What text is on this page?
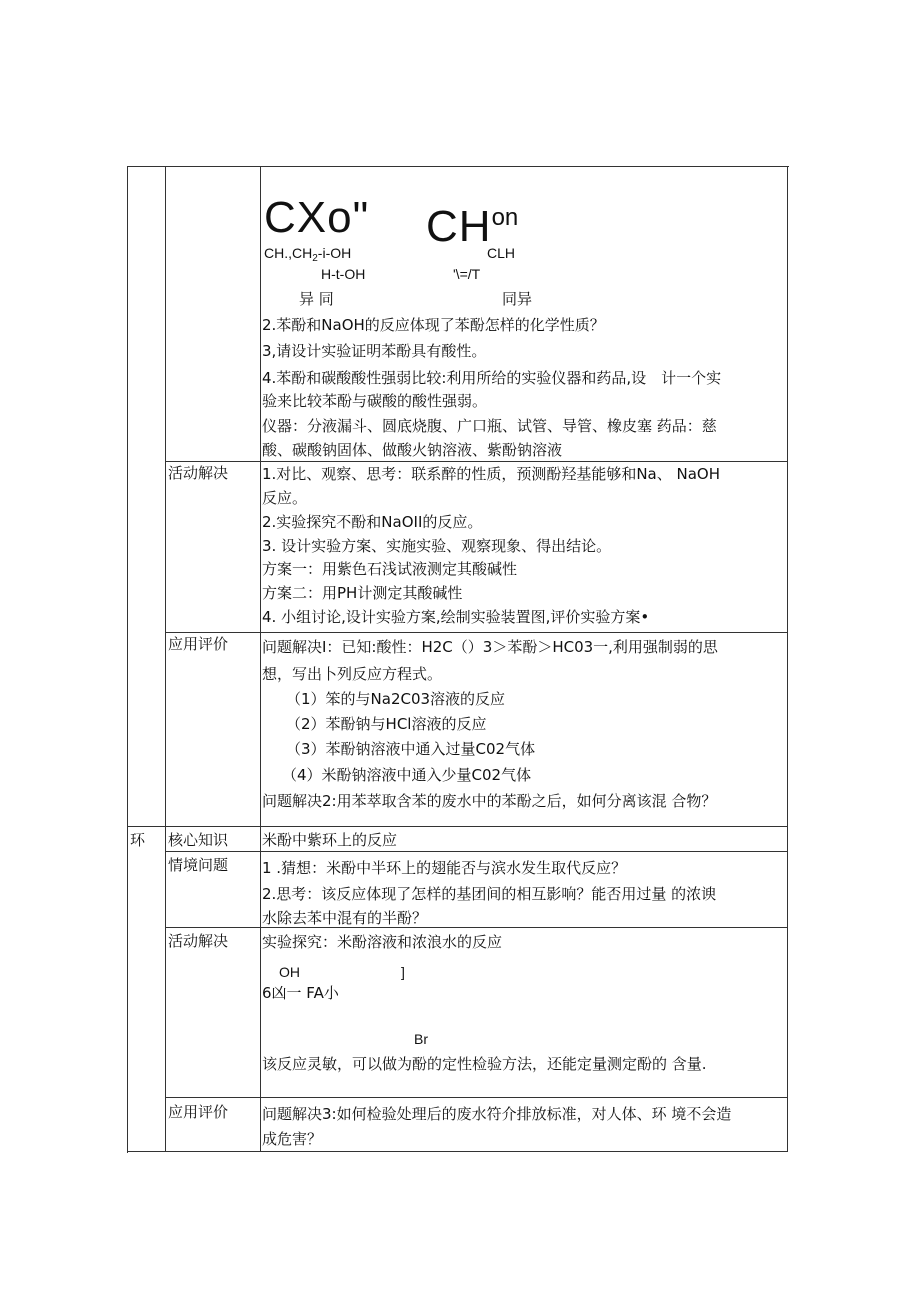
CXo" $CH^{on}$
$CH.,CH_2-i-OH$	CLH
H-t-OH	'\=/T
异 同	同异
2.苯酚和NaOH的反应体现了苯酚怎样的化学性质？
3,请设计实验证明苯酚具有酸性。
4.苯酚和碳酸酸性强弱比较:利用所给的实验仪器和药品,设　计一个实
验来比较苯酚与碳酸的酸性强弱。
仪器：分液漏斗、圆底烧腹、广口瓶、试管、导管、橡皮塞 药品：慈
酸、碳酸钠固体、做酸火钠溶液、紫酚钠溶液
活动解决 1.对比、观察、思考：联系醉的性质，预测酚羟基能够和Na、 NaOH
反应。
2.实验探究不酚和NaOII的反应。
3. 设计实验方案、实施实验、观察现象、得出结论。
方案一：用紫色石浅试液测定其酸碱性
方案二：用PH计测定其酸碱性
4. 小组讨论,设计实验方案,绘制实验装置图,评价实验方案•
应用评价 问题解决I：已知:酸性：H2C（）3＞苯酚＞HC03一,利用强制弱的思
想，写出卜列反应方程式。
（1）笨的与Na2C03溶液的反应
（2）苯酚钠与HCl溶液的反应
（3）苯酚钠溶液中通入过量C02气体
（4）米酚钠溶液中通入少量C02气体
问题解决2:用苯萃取含苯的废水中的苯酚之后，如何分离该混 合物？
环 核心知识 米酚中紫环上的反应
情境问题 1 .猜想：米酚中半环上的翅能否与滨水发生取代反应？
2.思考：该反应体现了怎样的基团间的相互影响？能否用过量 的浓谀
水除去苯中混有的半酚？
活动解决 实验探究：米酚溶液和浓浪水的反应
OH	]
6凶一 FA小
Br
该反应灵敏，可以做为酚的定性检验方法，还能定量测定酚的 含量.
应用评价 问题解决3:如何检验处理后的废水符介排放标准，对人体、环 境不会造
成危害？
